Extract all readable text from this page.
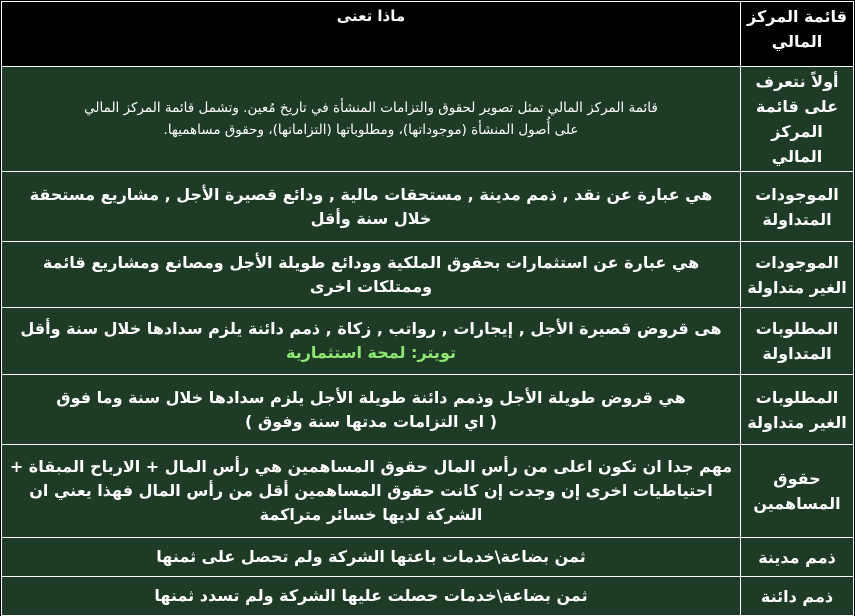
قائمة المركز المالي	ماذا تعنى
أولاً نتعرف على قائمة المركز المالي	قائمة المركز المالي تمثل تصوير لحقوق والتزامات المنشأة في تاريخ مُعين. وتشمل قائمة المركز المالي
على أُصول المنشأة (موجوداتها)، ومطلوباتها (التزاماتها)، وحقوق مساهميها.

الموجودات المتداولة	هي عبارة عن نقد , ذمم مدينة , مستحقات مالية , ودائع قصيرة الأجل , مشاريع مستحقة
خلال سنة وأقل

الموجودات الغير متداولة	هي عبارة عن استثمارات بحقوق الملكية وودائع طويلة الأجل ومصانع ومشاريع قائمة
وممتلكات اخرى

المطلوبات المتداولة	هى قروض قصيرة الأجل , إيجارات , رواتب , زكاة , ذمم دائنة يلزم سدادها خلال سنة وأقل
تويتر: لمحة استثمارية

المطلوبات الغير متداولة	هي قروض طويلة الأجل وذمم دائنة طويلة الأجل يلزم سدادها خلال سنة وما فوق
( اي التزامات مدتها سنة وفوق )

حقوق المساهمين	مهم جدا ان تكون اعلى من رأس المال حقوق المساهمين هي رأس المال + الارباح المبقاة +
احتياطيات اخرى إن وجدت إن كانت حقوق المساهمين أقل من رأس المال فهذا يعني ان
الشركة لديها خسائر متراكمة

ذمم مدينة	ثمن بضاعة\خدمات باعتها الشركة ولم تحصل على ثمنها

ذمم دائنة	ثمن بضاعة\خدمات حصلت عليها الشركة ولم تسدد ثمنها
